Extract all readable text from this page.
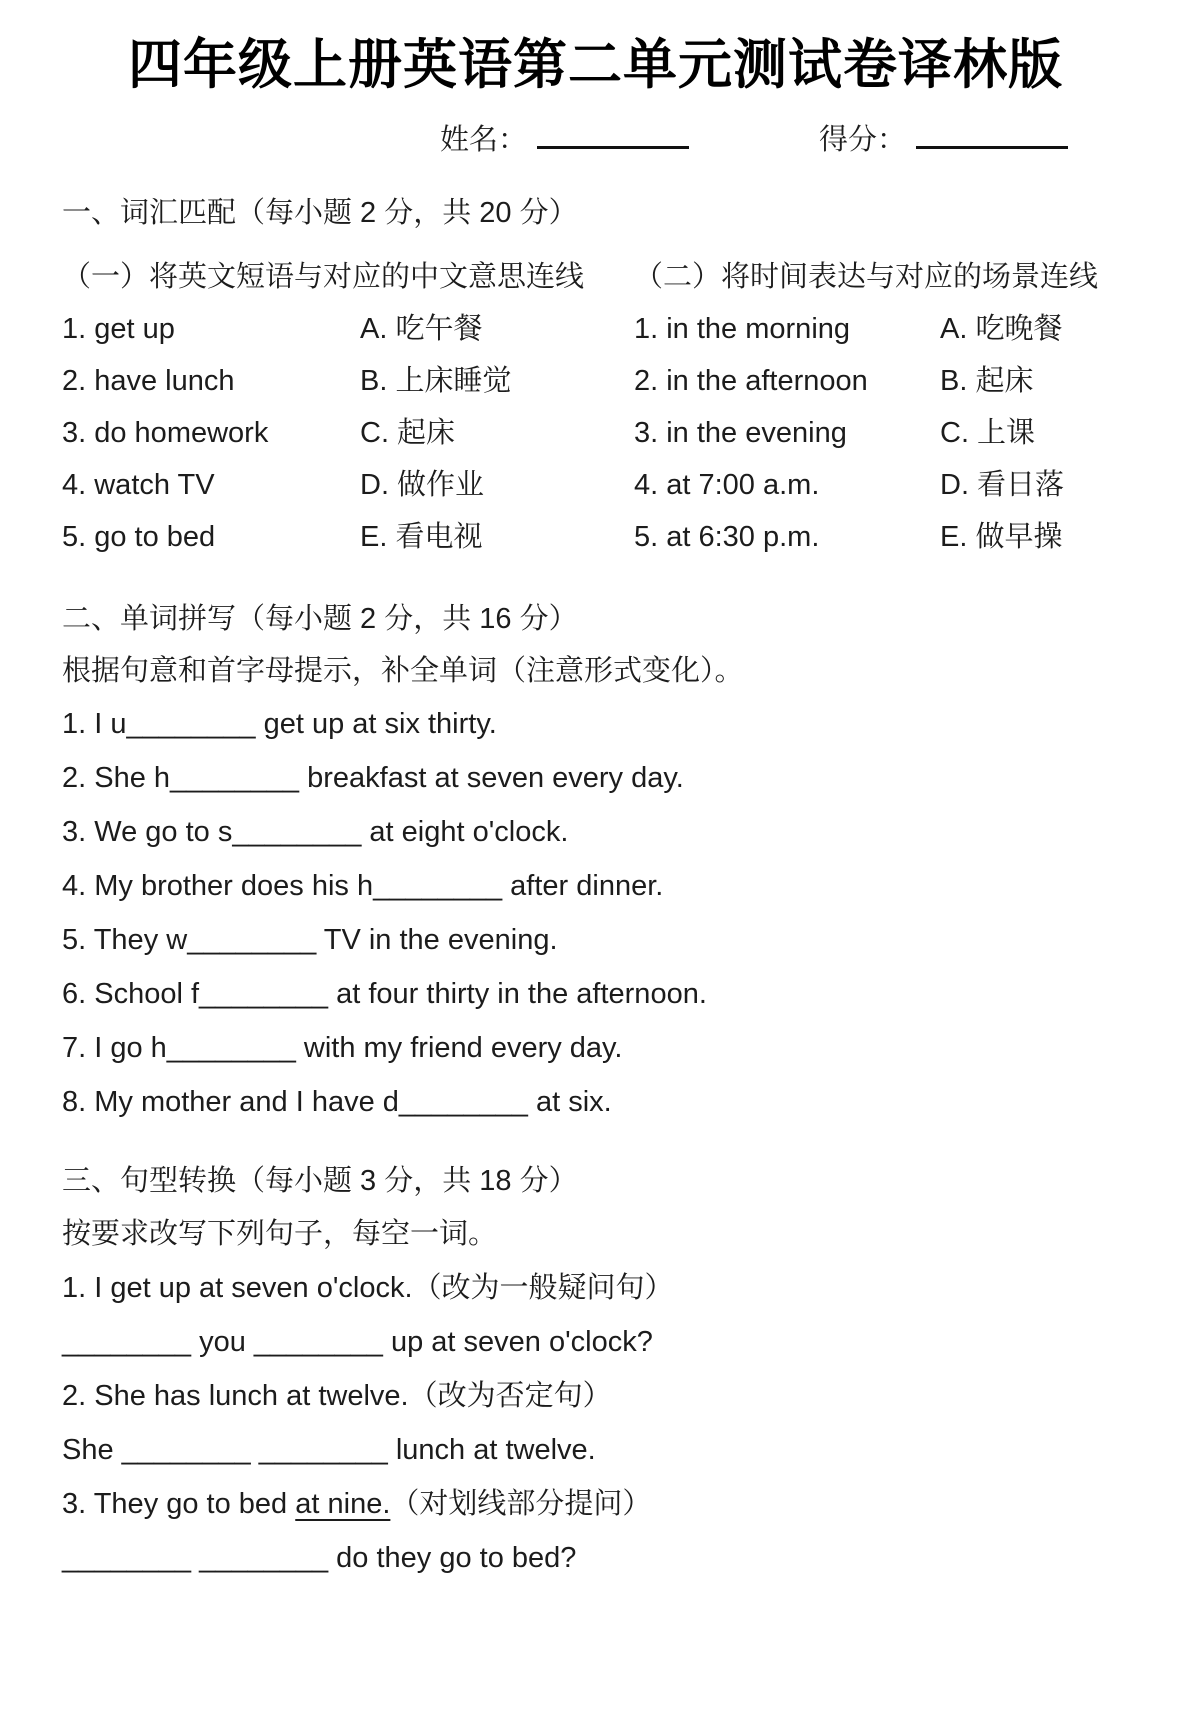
四年级上册英语第二单元测试卷译林版
姓名：	得分：

一、词汇匹配（每小题 2 分，共 20 分）

（一）将英文短语与对应的中文意思连线	（二）将时间表达与对应的场景连线
1. get up	A. 吃午餐	1. in the morning	A. 吃晚餐
2. have lunch	B. 上床睡觉	2. in the afternoon	B. 起床
3. do homework	C. 起床	3. in the evening	C. 上课
4. watch TV	D. 做作业	4. at 7:00 a.m.	D. 看日落
5. go to bed	E. 看电视	5. at 6:30 p.m.	E. 做早操

二、单词拼写（每小题 2 分，共 16 分）

根据句意和首字母提示，补全单词（注意形式变化）。

1. I u________ get up at six thirty.

2. She h________ breakfast at seven every day.

3. We go to s________ at eight o'clock.

4. My brother does his h________ after dinner.

5. They w________ TV in the evening.

6. School f________ at four thirty in the afternoon.

7. I go h________ with my friend every day.

8. My mother and I have d________ at six.

三、句型转换（每小题 3 分，共 18 分）

按要求改写下列句子，每空一词。

1. I get up at seven o'clock.（改为一般疑问句）

________ you ________ up at seven o'clock?

2. She has lunch at twelve.（改为否定句）

She ________ ________ lunch at twelve.

3. They go to bed at nine.（对划线部分提问）

________ ________ do they go to bed?
